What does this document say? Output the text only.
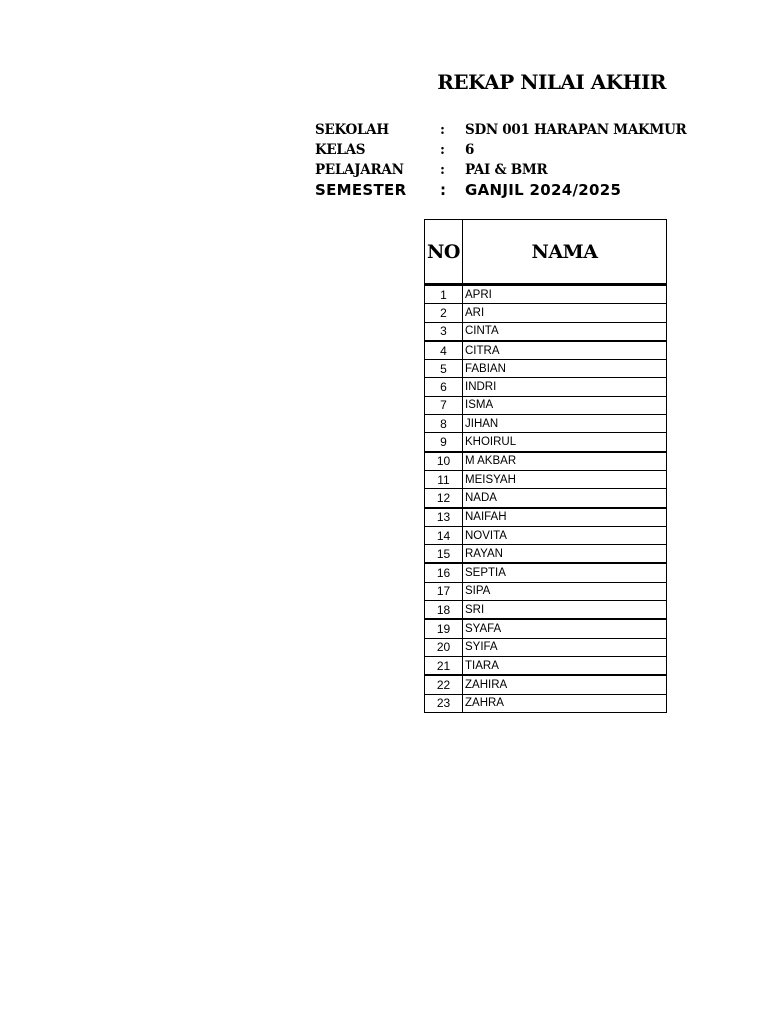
REKAP NILAI AKHIR
SEKOLAH	: SDN 001 HARAPAN MAKMUR
KELAS	: 6
PELAJARAN	: PAI & BMR
SEMESTER : GANJIL 2024/2025
NO	NAMA
1	APRI
2	ARI
3	CINTA
4	CITRA
5	FABIAN
6	INDRI
7	ISMA
8	JIHAN
9	KHOIRUL
10	M AKBAR
11	MEISYAH
12	NADA
13	NAIFAH
14	NOVITA
15	RAYAN
16	SEPTIA
17	SIPA
18	SRI
19	SYAFA
20	SYIFA
21	TIARA
22	ZAHIRA
23	ZAHRA
